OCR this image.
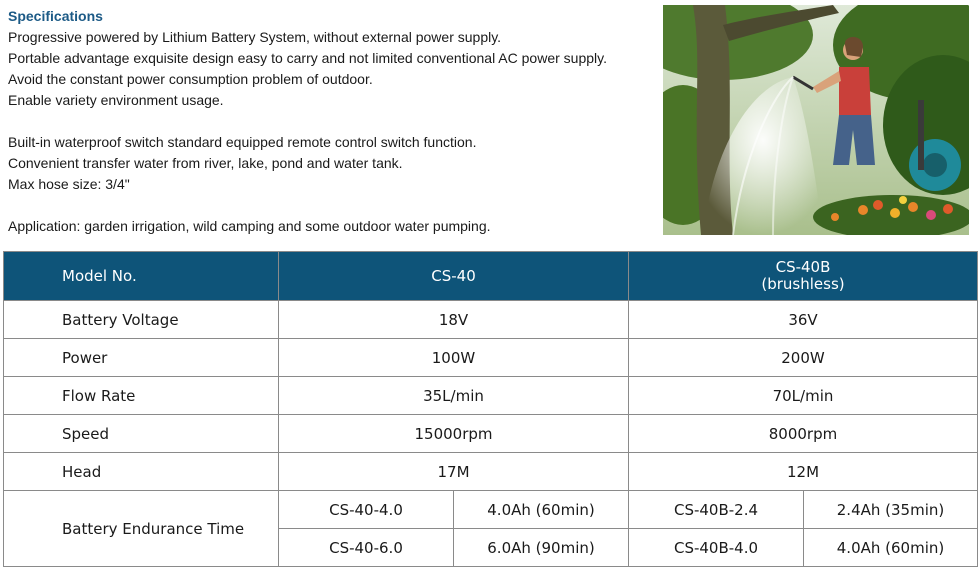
Specifications

Progressive powered by Lithium Battery System, without external power supply.

Portable advantage exquisite design easy to carry and not limited conventional AC power supply.

Avoid the constant power consumption problem of outdoor.

Enable variety environment usage.

Built-in waterproof switch standard equipped remote control switch function.

Convenient transfer water from river, lake, pond and water tank.

Max hose size: 3/4"

Application: garden irrigation, wild camping and some outdoor water pumping.

Model No.	CS-40		CS-40B
(brushless)	

Battery Voltage	18V		36V	
Power	100W		200W	
Flow Rate	35L/min		70L/min	
Speed	15000rpm		8000rpm	
Head	17M		12M	
Battery Endurance Time	CS-40-4.0	4.0Ah (60min)	CS-40B-2.4	2.4Ah (35min)
	CS-40-6.0	6.0Ah (90min)	CS-40B-4.0	4.0Ah (60min)
